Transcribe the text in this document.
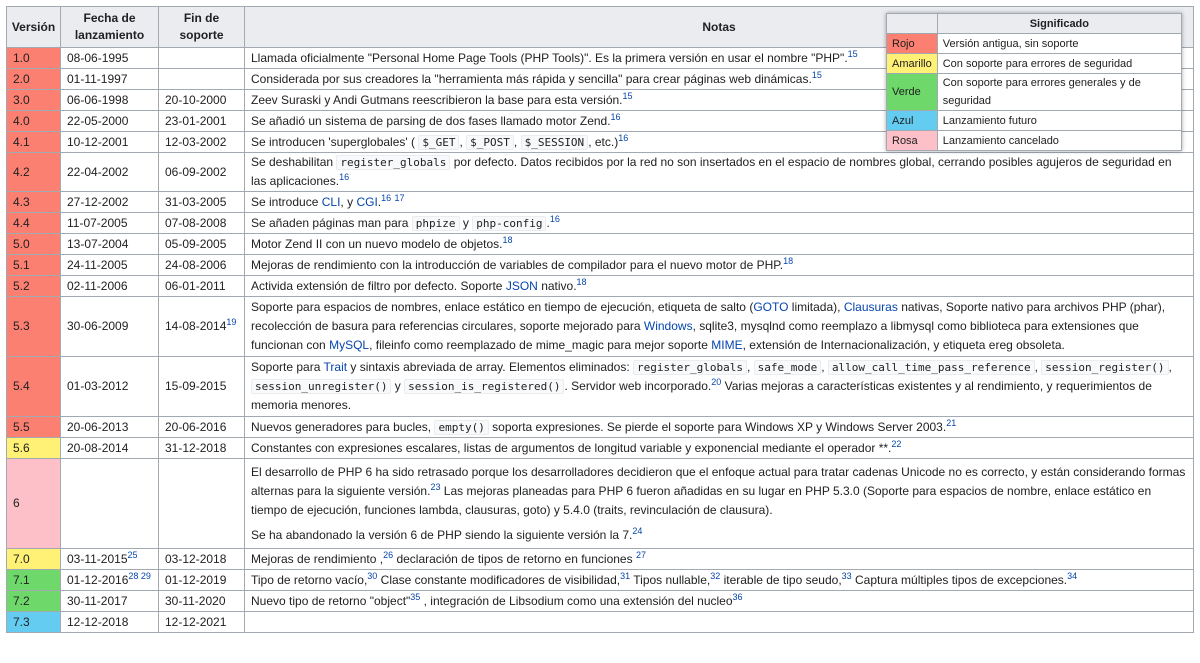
Versión	Fecha de lanzamiento	Fin de soporte	Notas
1.0	08-06-1995		Llamada oficialmente "Personal Home Page Tools (PHP Tools)". Es la primera versión en usar el nombre "PHP".$^{15}$
2.0	01-11-1997		Considerada por sus creadores la "herramienta más rápida y sencilla" para crear páginas web dinámicas.$^{15}$
3.0	06-06-1998	20-10-2000	Zeev Suraski y Andi Gutmans reescribieron la base para esta versión.$^{15}$
4.0	22-05-2000	23-01-2001	Se añadió un sistema de parsing de dos fases llamado motor Zend.$^{16}$
4.1	10-12-2001	12-03-2002	Se introducen 'superglobales' ( $_GET , $_POST , $_SESSION , etc.)$^{16}$
4.2	22-04-2002	06-09-2002	Se deshabilitan register_globals por defecto. Datos recibidos por la red no son insertados en el espacio de nombres global, cerrando posibles agujeros de seguridad en las aplicaciones.$^{16}$
4.3	27-12-2002	31-03-2005	Se introduce CLI, y CGI.$^{16}$ $^{17}$
4.4	11-07-2005	07-08-2008	Se añaden páginas man para phpize y php-config .$^{16}$
5.0	13-07-2004	05-09-2005	Motor Zend II con un nuevo modelo de objetos.$^{18}$
5.1	24-11-2005	24-08-2006	Mejoras de rendimiento con la introducción de variables de compilador para el nuevo motor de PHP.$^{18}$
5.2	02-11-2006	06-01-2011	Activida extensión de filtro por defecto. Soporte JSON nativo.$^{18}$
5.3	30-06-2009	14-08-2014$^{19}$	Soporte para espacios de nombres, enlace estático en tiempo de ejecución, etiqueta de salto (GOTO limitada), Clausuras nativas, Soporte nativo para archivos PHP (phar), recolección de basura para referencias circulares, soporte mejorado para Windows, sqlite3, mysqlnd como reemplazo a libmysql como biblioteca para extensiones que funcionan con MySQL, fileinfo como reemplazado de mime_magic para mejor soporte MIME, extensión de Internacionalización, y etiqueta ereg obsoleta.
5.4	01-03-2012	15-09-2015	Soporte para Trait y sintaxis abreviada de array. Elementos eliminados: register_globals , safe_mode , allow_call_time_pass_reference , session_register() , session_unregister() y session_is_registered() . Servidor web incorporado.$^{20}$ Varias mejoras a características existentes y al rendimiento, y requerimientos de memoria menores.
5.5	20-06-2013	20-06-2016	Nuevos generadores para bucles, empty() soporta expresiones. Se pierde el soporte para Windows XP y Windows Server 2003.21
5.6	20-08-2014	31-12-2018	Constantes con expresiones escalares, listas de argumentos de longitud variable y exponencial mediante el operador **.$^{22}$
6			El desarrollo de PHP 6 ha sido retrasado porque los desarrolladores decidieron que el enfoque actual para tratar cadenas Unicode no es correcto, y están considerando formas alternas para la siguiente versión.$^{23}$ Las mejoras planeadas para PHP 6 fueron añadidas en su lugar en PHP 5.3.0 (Soporte para espacios de nombre, enlace estático en tiempo de ejecución, funciones lambda, clausuras, goto) y 5.4.0 (traits, revinculación de clausura).

Se ha abandonado la versión 6 de PHP siendo la siguiente versión la 7.24

7.0	03-11-2015$^{25}$	03-12-2018	Mejoras de rendimiento ,$^{26}$ declaración de tipos de retorno en funciones $^{27}$
7.1	$01-12-2016^{28 29}$	01-12-2019	Tipo de retorno vacío,$^{30}$ Clase constante modificadores de visibilidad,$^{31}$ Tipos nullable,$^{32}$ iterable de tipo seudo,$^{33}$ Captura múltiples tipos de excepciones.$^{34}$
7.2	30-11-2017	30-11-2020	Nuevo tipo de retorno "object"$^{35}$ , integración de Libsodium como una extensión del nucleo$^{36}$
7.3	12-12-2018	12-12-2021	
	Significado
Rojo	Versión antigua, sin soporte
Amarillo	Con soporte para errores de seguridad
Verde	Con soporte para errores generales y de seguridad
Azul	Lanzamiento futuro
Rosa	Lanzamiento cancelado
